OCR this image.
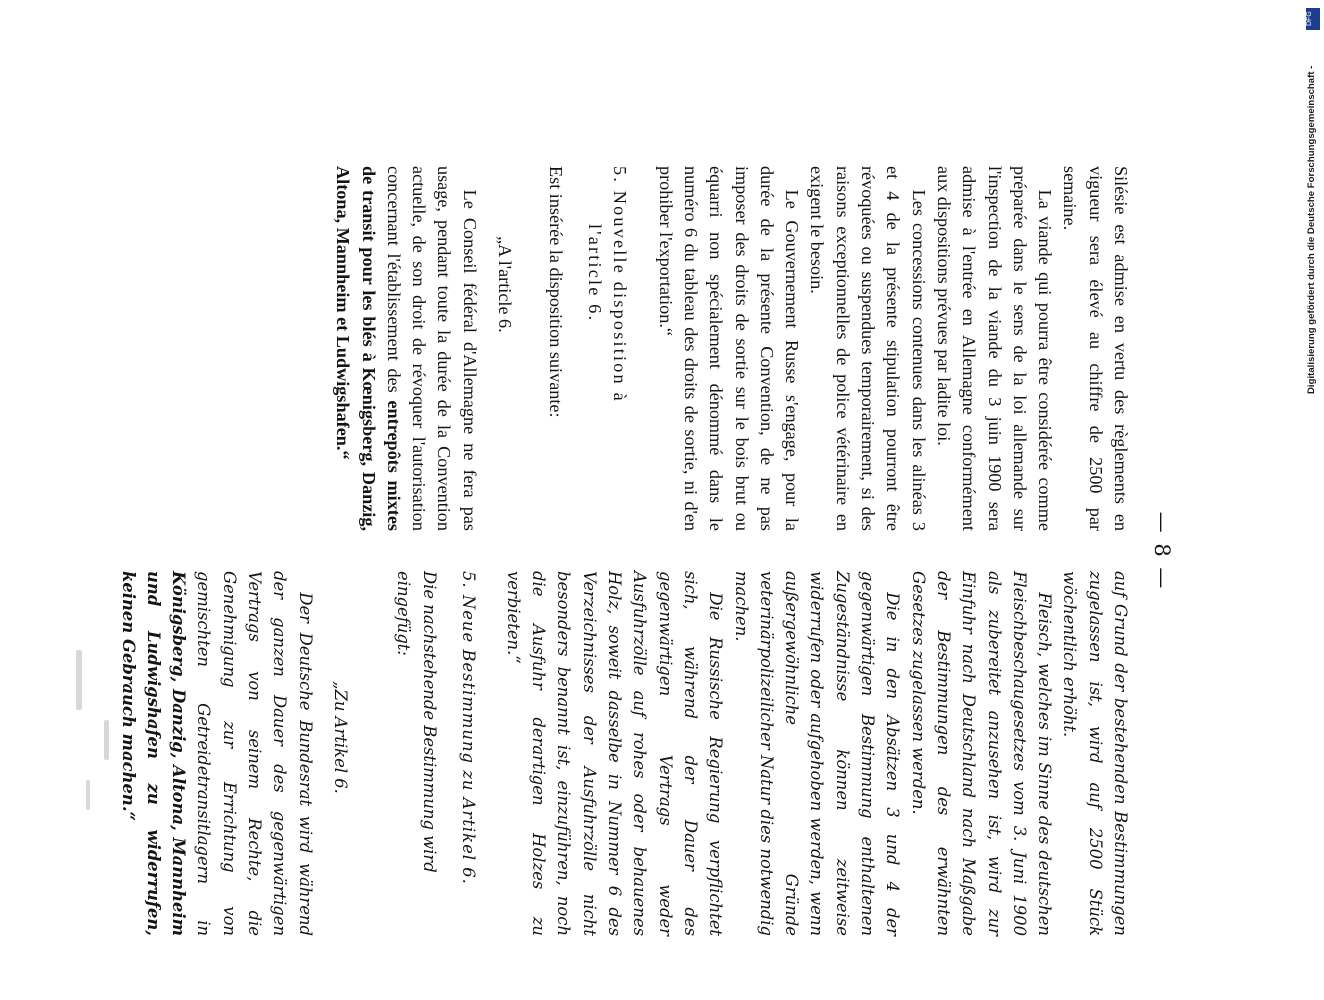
— 8 —

Silésie est admise en vertu des règlements en vigueur sera élevé au chiffre de 2500 par semaine.

La viande qui pourra être considérée comme préparée dans le sens de la loi allemande sur l'inspection de la viande du 3 juin 1900 sera admise à l'entrée en Allemagne conformément aux dispositions prévues par ladite loi.

Les concessions contenues dans les alinéas 3 et 4 de la présente stipulation pourront être révoquées ou suspendues temporairement, si des raisons exceptionnelles de police vétérinaire en exigent le besoin.

Le Gouvernement Russe s'engage, pour la durée de la présente Convention, de ne pas imposer des droits de sortie sur le bois brut ou équarri non spécialement dénommé dans le numéro 6 du tableau des droits de sortie, ni d'en prohiber l'exportation.“

5. Nouvelle disposition à
l'article 6.

Est insérée la disposition suivante:

„A l'article 6.

Le Conseil fédéral d'Allemagne ne fera pas usage, pendant toute la durée de la Convention actuelle, de son droit de révoquer l'autorisation concernant l'établissement des entrepôts mixtes de transit pour les blés à Kœnigsberg, Danzig, Altona, Mannheim et Ludwigshafen.“

auf Grund der bestehenden Bestimmungen zugelassen ist, wird auf 2500 Stück wöchentlich erhöht.

Fleisch, welches im Sinne des deutschen Fleischbeschaugesetzes vom 3. Juni 1900 als zubereitet anzusehen ist, wird zur Einfuhr nach Deutschland nach Maßgabe der Bestimmungen des erwähnten Gesetzes zugelassen werden.

Die in den Absätzen 3 und 4 der gegenwärtigen Bestimmung enthaltenen Zugeständnisse können zeitweise widerrufen oder aufgehoben werden, wenn außergewöhnliche Gründe veterinärpolizeilicher Natur dies notwendig machen.

Die Russische Regierung verpflichtet sich, während der Dauer des gegenwärtigen Vertrags weder Ausfuhrzölle auf rohes oder behauenes Holz, soweit dasselbe in Nummer 6 des Verzeichnisses der Ausfuhrzölle nicht besonders benannt ist, einzuführen, noch die Ausfuhr derartigen Holzes zu verbieten.“

5. Neue Bestimmung zu Artikel 6.

Die nachstehende Bestimmung wird eingefügt:

„Zu Artikel 6.

Der Deutsche Bundesrat wird während der ganzen Dauer des gegenwärtigen Vertrags von seinem Rechte, die Genehmigung zur Errichtung von gemischten Getreidetransitlagern in Königsberg, Danzig, Altona, Mannheim und Ludwigshafen zu widerrufen, keinen Gebrauch machen.“

DFG
Digitalisierung gefördert durch die Deutsche Forschungsgemeinschaft -
